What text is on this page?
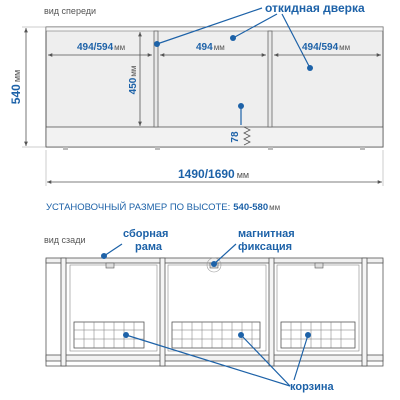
вид спереди	откидная дверка
494/594мм	494мм	494/594мм
540мм
450мм
78
1490/1690 мм
УСТАНОВОЧНЫЙ РАЗМЕР ПО ВЫСОТЕ: 540-580мм
вид сзади	сборная
рама
магнитная
фиксация
корзина
